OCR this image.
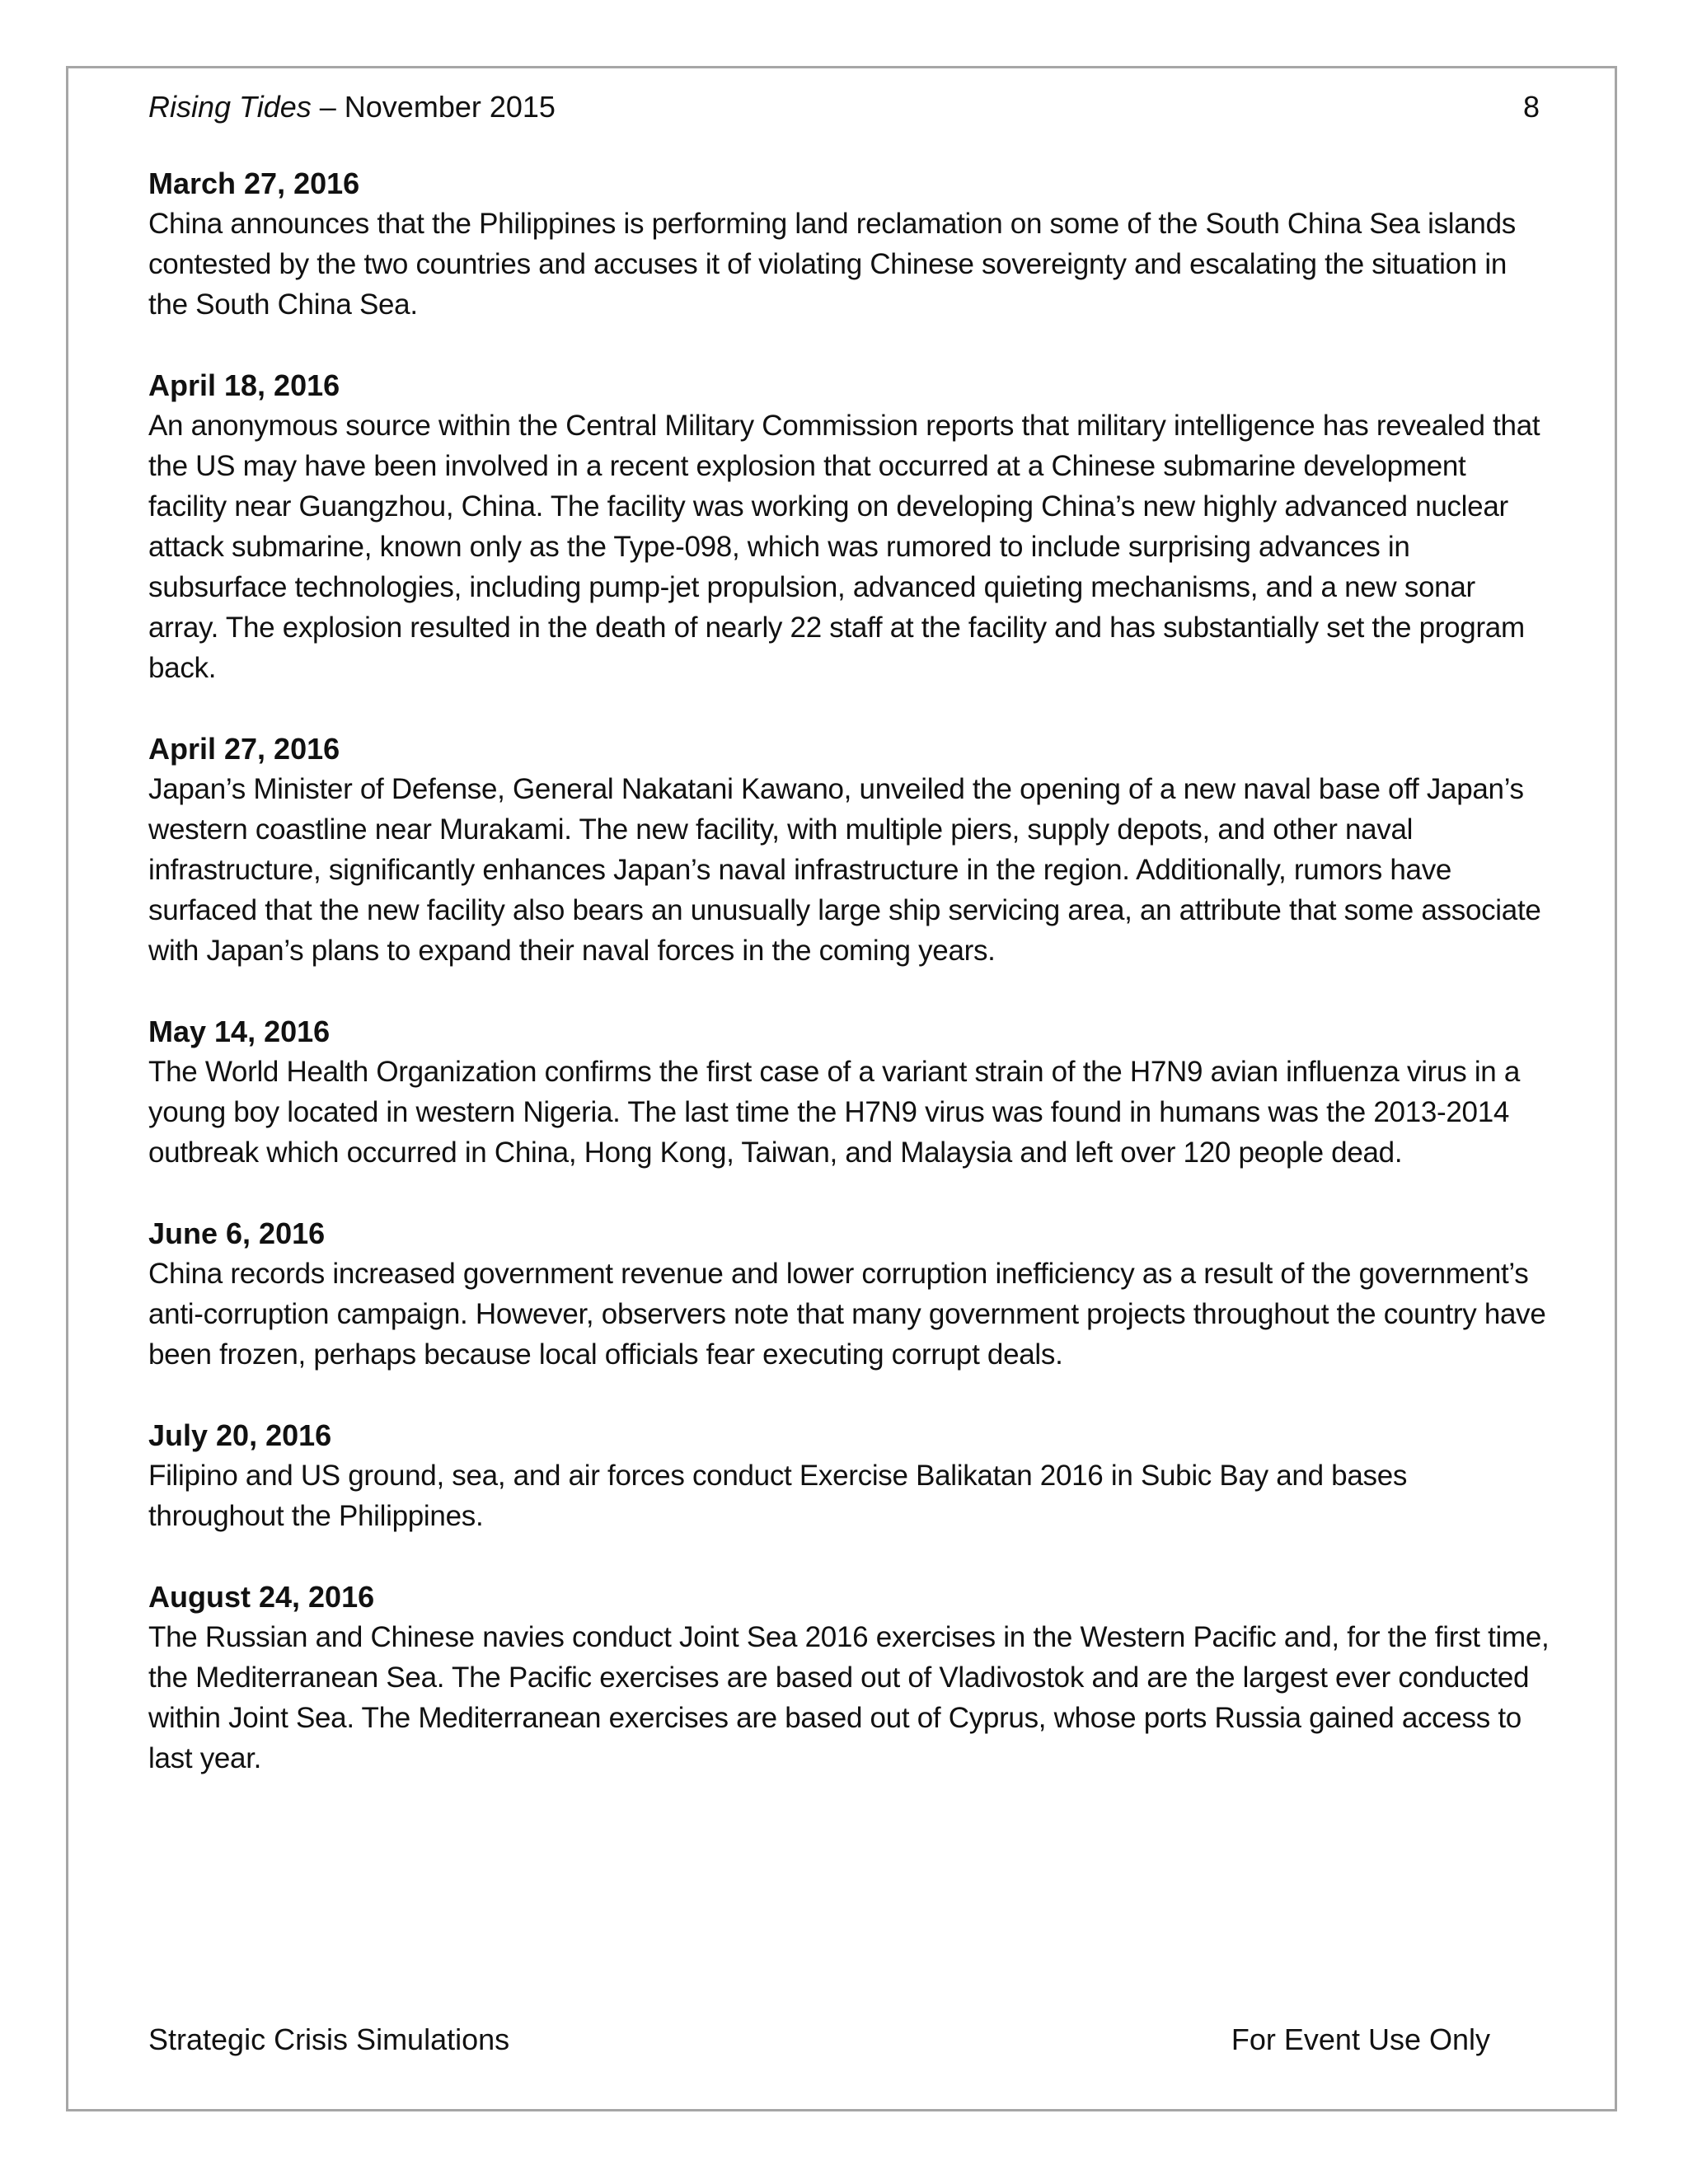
Rising Tides – November 2015	8

March 27, 2016

China announces that the Philippines is performing land reclamation on some of the South China Sea islands contested by the two countries and accuses it of violating Chinese sovereignty and escalating the situation in the South China Sea.

April 18, 2016

An anonymous source within the Central Military Commission reports that military intelligence has revealed that the US may have been involved in a recent explosion that occurred at a Chinese submarine development facility near Guangzhou, China. The facility was working on developing China’s new highly advanced nuclear attack submarine, known only as the Type-098, which was rumored to include surprising advances in subsurface technologies, including pump-jet propulsion, advanced quieting mechanisms, and a new sonar array. The explosion resulted in the death of nearly 22 staff at the facility and has substantially set the program back.

April 27, 2016

Japan’s Minister of Defense, General Nakatani Kawano, unveiled the opening of a new naval base off Japan’s western coastline near Murakami. The new facility, with multiple piers, supply depots, and other naval infrastructure, significantly enhances Japan’s naval infrastructure in the region. Additionally, rumors have surfaced that the new facility also bears an unusually large ship servicing area, an attribute that some associate with Japan’s plans to expand their naval forces in the coming years.

May 14, 2016

The World Health Organization confirms the first case of a variant strain of the H7N9 avian influenza virus in a young boy located in western Nigeria. The last time the H7N9 virus was found in humans was the 2013-2014 outbreak which occurred in China, Hong Kong, Taiwan, and Malaysia and left over 120 people dead.

June 6, 2016

China records increased government revenue and lower corruption inefficiency as a result of the government’s anti-corruption campaign. However, observers note that many government projects throughout the country have been frozen, perhaps because local officials fear executing corrupt deals.

July 20, 2016

Filipino and US ground, sea, and air forces conduct Exercise Balikatan 2016 in Subic Bay and bases throughout the Philippines.

August 24, 2016

The Russian and Chinese navies conduct Joint Sea 2016 exercises in the Western Pacific and, for the first time, the Mediterranean Sea. The Pacific exercises are based out of Vladivostok and are the largest ever conducted within Joint Sea. The Mediterranean exercises are based out of Cyprus, whose ports Russia gained access to last year.

Strategic Crisis Simulations	For Event Use Only
